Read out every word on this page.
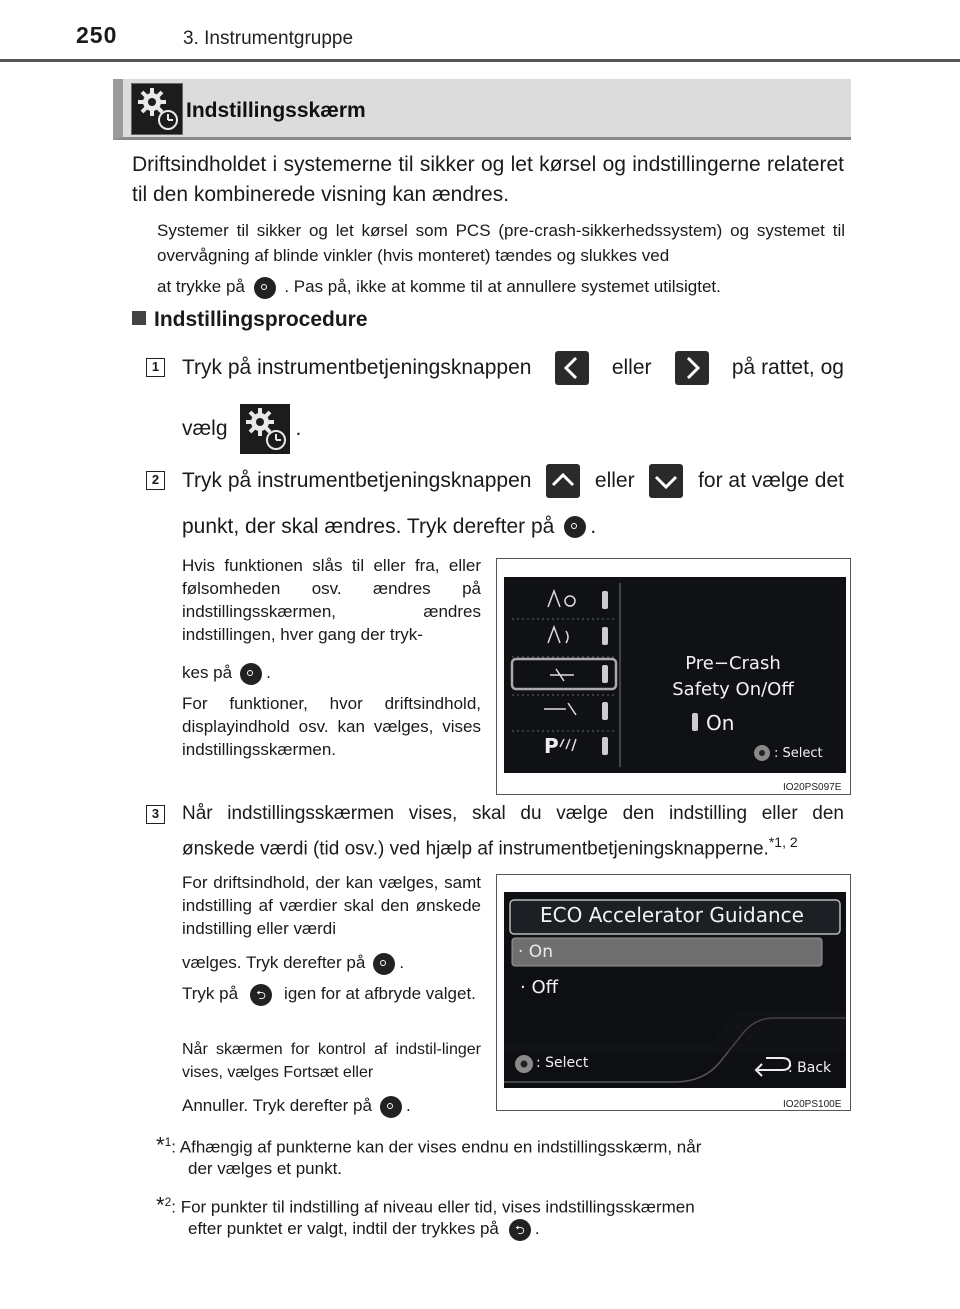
250	3. Instrumentgruppe
Indstillingsskærm
Driftsindholdet i systemerne til sikker og let kørsel og indstillingerne relateret til den kombinerede visning kan ændres.
Systemer til sikker og let kørsel som PCS (pre-crash-sikkerhedssystem) og systemet til overvågning af blinde vinkler (hvis monteret) tændes og slukkes ved
at trykke på . Pas på, ikke at komme til at annullere systemet utilsigtet.
Indstillingsprocedure
1 Tryk på instrumentbetjeningsknappen	eller	på rattet, og
vælg	.
2 Tryk på instrumentbetjeningsknappen	eller	for at vælge det
punkt, der skal ændres. Tryk derefter på .
Hvis funktionen slås til eller fra, eller følsomheden osv. ændres på indstillingsskærmen, ændres indstillingen, hver gang der tryk-
kes på .
For funktioner, hvor driftsindhold, displayindhold osv. kan vælges, vises indstillingsskærmen.	P
Pre−Crash
Safety On/Off
On
: Select
IO20PS097E
3	Når indstillingsskærmen vises, skal du vælge den indstilling eller den
ønskede værdi (tid osv.) ved hjælp af instrumentbetjeningsknapperne.$^{*1, 2}$
For driftsindhold, der kan vælges, samt indstilling af værdier skal den ønskede indstilling eller værdi
vælges. Tryk derefter på .
Tryk på ⮌ igen for at afbryde valget.
Når skærmen for kontrol af indstil-linger vises, vælges Fortsæt eller
Annuller. Tryk derefter på .
ECO Accelerator Guidance
· On
· Off
: Select	: Back
IO20PS100E
*$^1$: Afhængig af punkterne kan der vises endnu en indstillingsskærm, når
der vælges et punkt.
*$^2$: For punkter til indstilling af niveau eller tid, vises indstillingsskærmen
efter punktet er valgt, indtil der trykkes på ⮌ .
